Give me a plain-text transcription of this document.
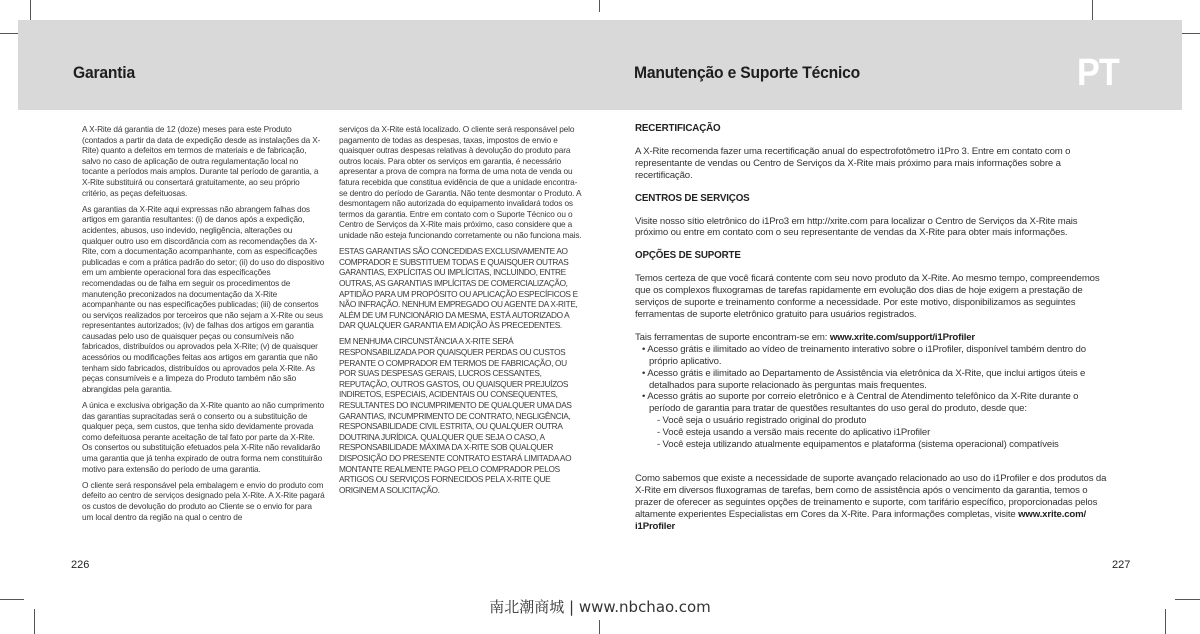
Garantia	Manutenção e Suporte Técnico	PT

A X-Rite dá garantia de 12 (doze) meses para este Produto (contados a partir da data de expedição desde as instalações da X-Rite) quanto a defeitos em termos de materiais e de fabricação, salvo no caso de aplicação de outra regulamentação local no tocante a períodos mais amplos. Durante tal período de garantia, a X-Rite substituirá ou consertará gratuitamente, ao seu próprio critério, as peças defeituosas.

As garantias da X-Rite aqui expressas não abrangem falhas dos artigos em garantia resultantes: (i) de danos após a expedição, acidentes, abusos, uso indevido, negligência, alterações ou qualquer outro uso em discordância com as recomendações da X-Rite, com a documentação acompanhante, com as especificações publicadas e com a prática padrão do setor; (ii) do uso do dispositivo em um ambiente operacional fora das especificações recomendadas ou de falha em seguir os procedimentos de manutenção preconizados na documentação da X-Rite acompanhante ou nas especificações publicadas; (iii) de consertos ou serviços realizados por terceiros que não sejam a X-Rite ou seus representantes autorizados; (iv) de falhas dos artigos em garantia causadas pelo uso de quaisquer peças ou consumíveis não fabricados, distribuídos ou aprovados pela X-Rite; (v) de quaisquer acessórios ou modificações feitas aos artigos em garantia que não tenham sido fabricados, distribuídos ou aprovados pela X-Rite. As peças consumíveis e a limpeza do Produto também não são abrangidas pela garantia.

A única e exclusiva obrigação da X-Rite quanto ao não cumprimento das garantias supracitadas será o conserto ou a substituição de qualquer peça, sem custos, que tenha sido devidamente provada como defeituosa perante aceitação de tal fato por parte da X-Rite. Os consertos ou substituição efetuados pela X-Rite não revalidarão uma garantia que já tenha expirado de outra forma nem constituirão motivo para extensão do período de uma garantia.

O cliente será responsável pela embalagem e envio do produto com defeito ao centro de serviços designado pela X-Rite. A X-Rite pagará os custos de devolução do produto ao Cliente se o envio for para um local dentro da região na qual o centro de

serviços da X-Rite está localizado. O cliente será responsável pelo pagamento de todas as despesas, taxas, impostos de envio e quaisquer outras despesas relativas à devolução do produto para outros locais. Para obter os serviços em garantia, é necessário apresentar a prova de compra na forma de uma nota de venda ou fatura recebida que constitua evidência de que a unidade encontra-se dentro do período de Garantia. Não tente desmontar o Produto. A desmontagem não autorizada do equipamento invalidará todos os termos da garantia. Entre em contato com o Suporte Técnico ou o Centro de Serviços da X-Rite mais próximo, caso considere que a unidade não esteja funcionando corretamente ou não funciona mais.

ESTAS GARANTIAS SÃO CONCEDIDAS EXCLUSIVAMENTE AO COMPRADOR E SUBSTITUEM TODAS E QUAISQUER OUTRAS GARANTIAS, EXPLÍCITAS OU IMPLÍCITAS, INCLUINDO, ENTRE OUTRAS, AS GARANTIAS IMPLÍCITAS DE COMERCIALIZAÇÃO, APTIDÃO PARA UM PROPÓSITO OU APLICAÇÃO ESPECÍFICOS E NÃO INFRAÇÃO. NENHUM EMPREGADO OU AGENTE DA X-RITE, ALÉM DE UM FUNCIONÁRIO DA MESMA, ESTÁ AUTORIZADO A DAR QUALQUER GARANTIA EM ADIÇÃO ÀS PRECEDENTES.

EM NENHUMA CIRCUNSTÂNCIA A X-RITE SERÁ RESPONSABILIZADA POR QUAISQUER PERDAS OU CUSTOS PERANTE O COMPRADOR EM TERMOS DE FABRICAÇÃO, OU POR SUAS DESPESAS GERAIS, LUCROS CESSANTES, REPUTAÇÃO, OUTROS GASTOS, OU QUAISQUER PREJUÍZOS INDIRETOS, ESPECIAIS, ACIDENTAIS OU CONSEQUENTES, RESULTANTES DO INCUMPRIMENTO DE QUALQUER UMA DAS GARANTIAS, INCUMPRIMENTO DE CONTRATO, NEGLIGÊNCIA, RESPONSABILIDADE CIVIL ESTRITA, OU QUALQUER OUTRA DOUTRINA JURÍDICA. QUALQUER QUE SEJA O CASO, A RESPONSABILIDADE MÁXIMA DA X-RITE SOB QUALQUER DISPOSIÇÃO DO PRESENTE CONTRATO ESTARÁ LIMITADA AO MONTANTE REALMENTE PAGO PELO COMPRADOR PELOS ARTIGOS OU SERVIÇOS FORNECIDOS PELA X-RITE QUE ORIGINEM A SOLICITAÇÃO.

RECERTIFICAÇÃO

A X-Rite recomenda fazer uma recertificação anual do espectrofotômetro i1Pro 3. Entre em contato com o representante de vendas ou Centro de Serviços da X-Rite mais próximo para mais informações sobre a recertificação.

CENTROS DE SERVIÇOS

Visite nosso sítio eletrônico do i1Pro3 em http://xrite.com para localizar o Centro de Serviços da X-Rite mais próximo ou entre em contato com o seu representante de vendas da X-Rite para obter mais informações.

OPÇÕES DE SUPORTE

Temos certeza de que você ficará contente com seu novo produto da X-Rite. Ao mesmo tempo, compreendemos que os complexos fluxogramas de tarefas rapidamente em evolução dos dias de hoje exigem a prestação de serviços de suporte e treinamento conforme a necessidade. Por este motivo, disponibilizamos as seguintes ferramentas de suporte eletrônico gratuito para usuários registrados.

Tais ferramentas de suporte encontram-se em: www.xrite.com/support/i1Profiler

• Acesso grátis e ilimitado ao vídeo de treinamento interativo sobre o i1Profiler, disponível também dentro do próprio aplicativo.

• Acesso grátis e ilimitado ao Departamento de Assistência via eletrônica da X-Rite, que inclui artigos úteis e detalhados para suporte relacionado às perguntas mais frequentes.

• Acesso grátis ao suporte por correio eletrônico e à Central de Atendimento telefônico da X-Rite durante o período de garantia para tratar de questões resultantes do uso geral do produto, desde que:

- Você seja o usuário registrado original do produto

- Você esteja usando a versão mais recente do aplicativo i1Profiler

- Você esteja utilizando atualmente equipamentos e plataforma (sistema operacional) compatíveis

Como sabemos que existe a necessidade de suporte avançado relacionado ao uso do i1Profiler e dos produtos da X-Rite em diversos fluxogramas de tarefas, bem como de assistência após o vencimento da garantia, temos o prazer de oferecer as seguintes opções de treinamento e suporte, com tarifário específico, proporcionadas pelos altamente experientes Especialistas em Cores da X-Rite. Para informações completas, visite www.xrite.com/ i1Profiler

226	227
南北潮商城 | www.nbchao.com
